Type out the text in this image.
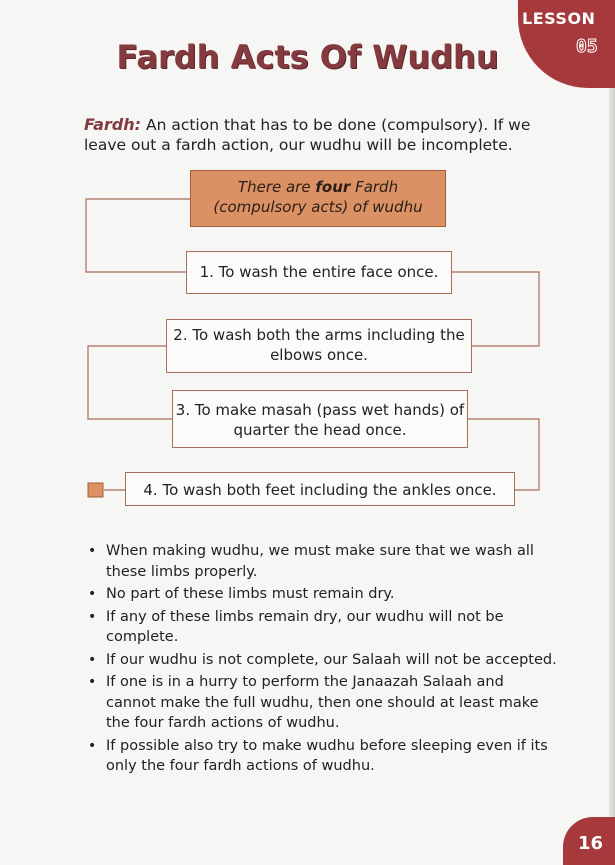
LESSON
05
Fardh Acts Of Wudhu
Fardh: An action that has to be done (compulsory). If we leave out a fardh action, our wudhu will be incomplete.
There are four Fardh (compulsory acts) of wudhu
1. To wash the entire face once.
2. To wash both the arms including the elbows once.
3. To make masah (pass wet hands) of quarter the head once.
4. To wash both feet including the ankles once.
• When making wudhu, we must make sure that we wash all these limbs properly.
• No part of these limbs must remain dry.
• If any of these limbs remain dry, our wudhu will not be complete.
• If our wudhu is not complete, our Salaah will not be accepted.
• If one is in a hurry to perform the Janaazah Salaah and cannot make the full wudhu, then one should at least make the four fardh actions of wudhu.
• If possible also try to make wudhu before sleeping even if its only the four fardh actions of wudhu.
16
